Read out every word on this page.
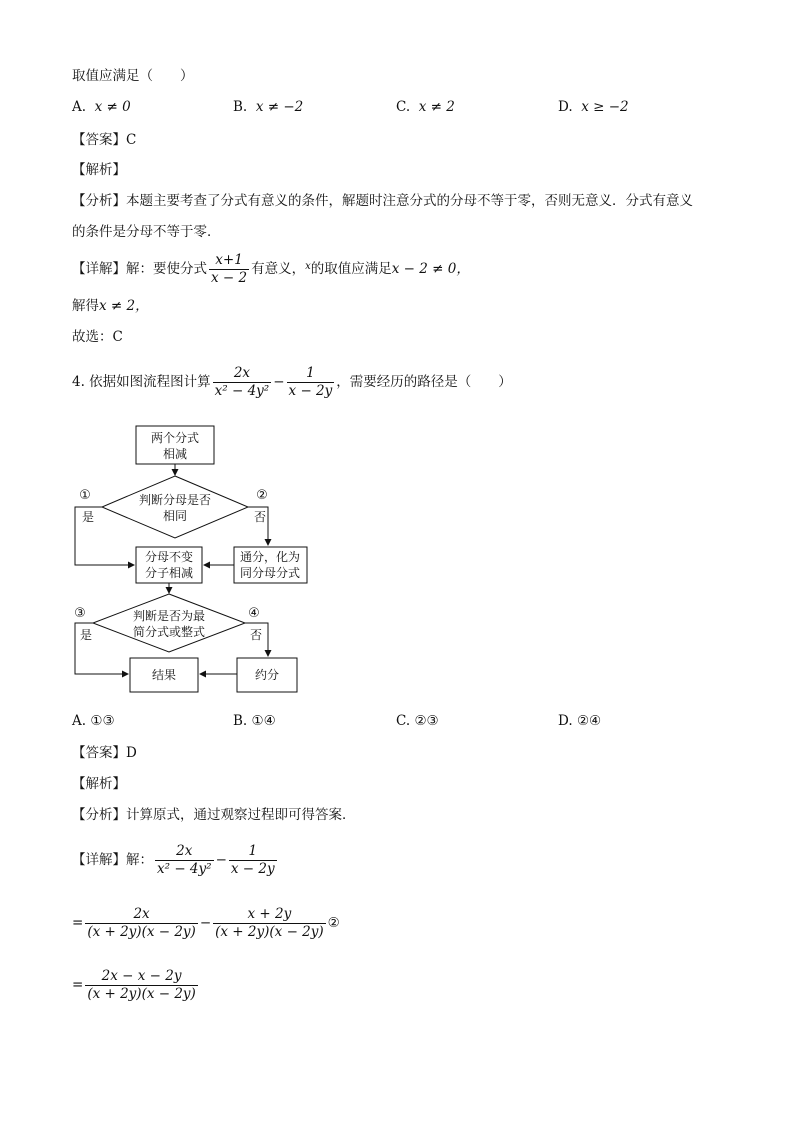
取值应满足（　　）
A. x ≠ 0	B. x ≠ −2	C. x ≠ 2	D. x ≥ −2
【答案】C
【解析】
【分析】本题主要考查了分式有意义的条件，解题时注意分式的分母不等于零，否则无意义．分式有意义
的条件是分母不等于零．
【详解】解：要使分式 $\frac{x+1}{x - 2}$ 有意义，$^x$的取值应满足x − 2 ≠ 0，
解得x ≠ 2，
故选：C
4. 依据如图流程图计算 $\frac{2x}{\text{x² − 4y²}} - \frac{1}{x - 2y}$ ，需要经历的路径是（　　）
两个分式
相减
判断分母是否
相同
①
是
②
否
分母不变
分子相减
通分，化为
同分母分式
判断是否为最
简分式或整式
③
是
④
否
结果	约分
A. ①③	B. ①④	C. ②③	D. ②④
【答案】D
【解析】
【分析】计算原式，通过观察过程即可得答案．
【详解】解： $\frac{2x}{\text{x² − 4y²}} - \frac{1}{x - 2y}$
= $\frac{2x}{(x + 2y)(x - 2y)} - \frac{x + 2y}{(x + 2y)(x - 2y)}$ ②
= $\frac{2x - x - 2y}{(x + 2y)(x - 2y)}$
